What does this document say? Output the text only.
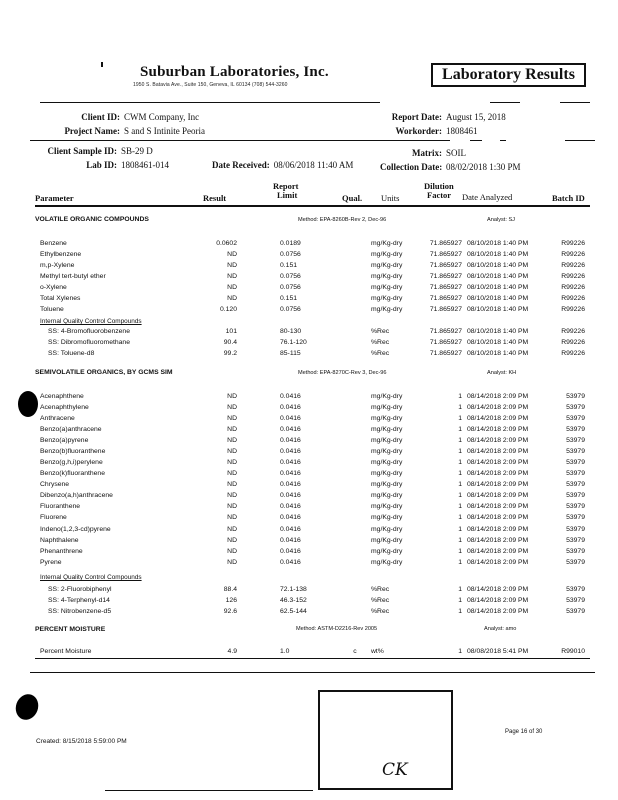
Suburban Laboratories, Inc.
1950 S. Batavia Ave., Suite 150, Geneva, IL 60134 (708) 544-3260
Laboratory Results
Client ID: CWM Company, Inc
Project Name: S and S Intinite Peoria
Report Date: August 15, 2018
Workorder: 1808461
Client Sample ID: SB-29 D	Matrix: SOIL
Lab ID: 1808461-014	Date Received: 08/06/2018 11:40 AM	Collection Date: 08/02/2018 1:30 PM
Parameter	Result
Report
Limit	Qual. Units
Dilution
Factor Date Analyzed	Batch ID
VOLATILE ORGANIC COMPOUNDS	Method: EPA-8260B-Rev 2, Dec-96	Analyst: SJ
Benzene	0.0602	0.0189	mg/Kg-dry	71.865927 08/10/2018 1:40 PM	R99226
Ethylbenzene	ND	0.0756	mg/Kg-dry	71.865927 08/10/2018 1:40 PM	R99226
m,p-Xylene	ND	0.151	mg/Kg-dry	71.865927 08/10/2018 1:40 PM	R99226
Methyl tert-butyl ether	ND	0.0756	mg/Kg-dry	71.865927 08/10/2018 1:40 PM	R99226
o-Xylene	ND	0.0756	mg/Kg-dry	71.865927 08/10/2018 1:40 PM	R99226
Total Xylenes	ND	0.151	mg/Kg-dry	71.865927 08/10/2018 1:40 PM	R99226
Toluene	0.120	0.0756	mg/Kg-dry	71.865927 08/10/2018 1:40 PM	R99226
Internal Quality Control Compounds
SS: 4-Bromofluorobenzene	101	80-130	%Rec	71.865927 08/10/2018 1:40 PM	R99226
SS: Dibromofluoromethane	90.4	76.1-120	%Rec	71.865927 08/10/2018 1:40 PM	R99226
SS: Toluene-d8	99.2	85-115	%Rec	71.865927 08/10/2018 1:40 PM	R99226
SEMIVOLATILE ORGANICS, BY GCMS SIM	Method: EPA-8270C-Rev 3, Dec-96	Analyst: KH
Acenaphthene	ND	0.0416	mg/Kg-dry	1 08/14/2018 2:09 PM	53979
Acenaphthylene	ND	0.0416	mg/Kg-dry	1 08/14/2018 2:09 PM	53979
Anthracene	ND	0.0416	mg/Kg-dry	1 08/14/2018 2:09 PM	53979
Benzo(a)anthracene	ND	0.0416	mg/Kg-dry	1 08/14/2018 2:09 PM	53979
Benzo(a)pyrene	ND	0.0416	mg/Kg-dry	1 08/14/2018 2:09 PM	53979
Benzo(b)fluoranthene	ND	0.0416	mg/Kg-dry	1 08/14/2018 2:09 PM	53979
Benzo(g,h,i)perylene	ND	0.0416	mg/Kg-dry	1 08/14/2018 2:09 PM	53979
Benzo(k)fluoranthene	ND	0.0416	mg/Kg-dry	1 08/14/2018 2:09 PM	53979
Chrysene	ND	0.0416	mg/Kg-dry	1 08/14/2018 2:09 PM	53979
Dibenzo(a,h)anthracene	ND	0.0416	mg/Kg-dry	1 08/14/2018 2:09 PM	53979
Fluoranthene	ND	0.0416	mg/Kg-dry	1 08/14/2018 2:09 PM	53979
Fluorene	ND	0.0416	mg/Kg-dry	1 08/14/2018 2:09 PM	53979
Indeno(1,2,3-cd)pyrene	ND	0.0416	mg/Kg-dry	1 08/14/2018 2:09 PM	53979
Naphthalene	ND	0.0416	mg/Kg-dry	1 08/14/2018 2:09 PM	53979
Phenanthrene	ND	0.0416	mg/Kg-dry	1 08/14/2018 2:09 PM	53979
Pyrene	ND	0.0416	mg/Kg-dry	1 08/14/2018 2:09 PM	53979
Internal Quality Control Compounds
SS: 2-Fluorobiphenyl	88.4	72.1-138	%Rec	1 08/14/2018 2:09 PM	53979
SS: 4-Terphenyl-d14	126	46.3-152	%Rec	1 08/14/2018 2:09 PM	53979
SS: Nitrobenzene-d5	92.6	62.5-144	%Rec	1 08/14/2018 2:09 PM	53979
PERCENT MOISTURE	Method: ASTM-D2216-Rev 2005	Analyst: amo
Percent Moisture	4.9	1.0	c	wt%	1 08/08/2018 5:41 PM	R99010
Created: 8/15/2018 5:59:00 PM
CK
Page 16 of 30
